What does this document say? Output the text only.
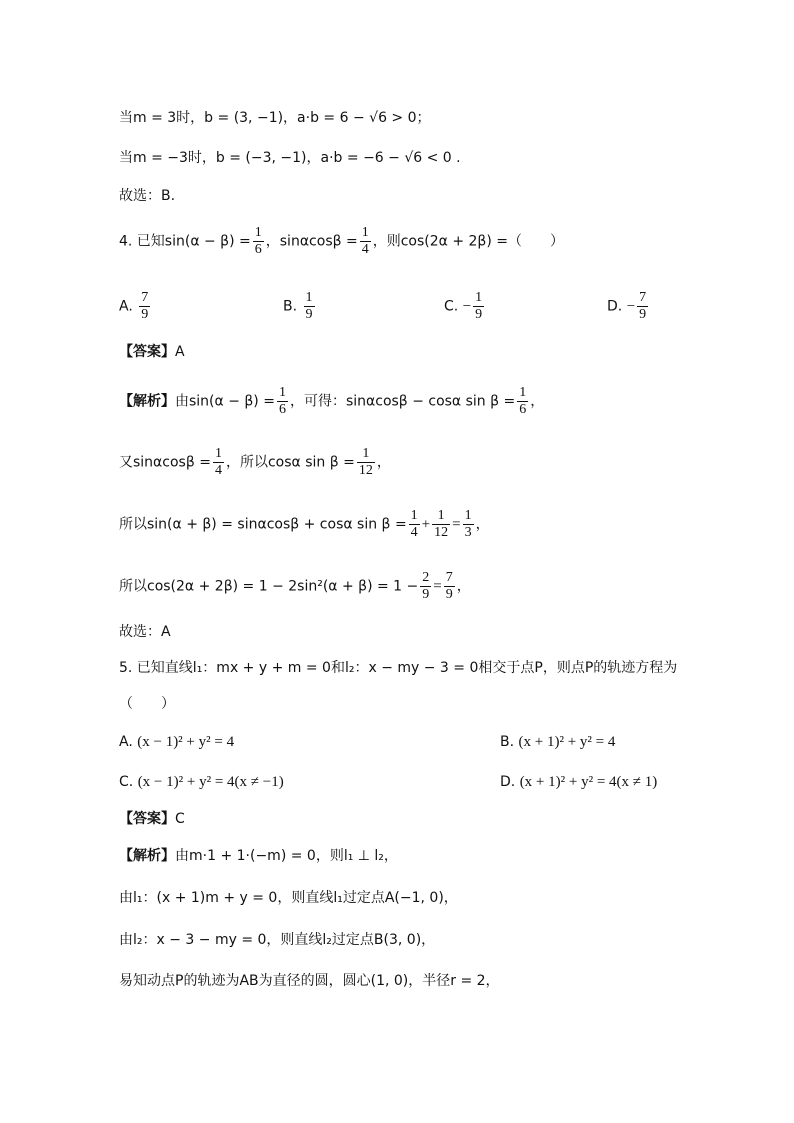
当m = 3时，b = (3, −1)，a·b = 6 − √6 > 0；
当m = −3时，b = (−3, −1)，a·b = −6 − √6 < 0 .
故选：B.
4. 已知$\sin(\alpha - \beta) = \frac{1}{6}$ ，$\sin\alpha\cos\beta = \frac{1}{4}$ ，则cos(2α + 2β) =（　　）
A. $\frac{7}{9}$	B. $\frac{1}{9}$	C. − $\frac{1}{9}$	D. − $\frac{7}{9}$
【答案】A
【解析】由$\sin(\alpha - \beta) = \frac{1}{6}$ ，可得：sinαcosβ − cosα $\sin \beta = \frac{1}{6}$ ，
又$\sin\alpha\cos\beta = \frac{1}{4}$ ，所以cosα $\sin \beta = \frac{1}{12}$ ，
所以sin(α + β) = sinαcosβ + cosα $\sin \beta = \frac{1}{4} + \frac{1}{12} = \frac{1}{3}$ ，
所以$\cos(2\alpha + 2\beta) = 1 - 2\sin^2(\alpha + \beta) = 1 - \frac{2}{9} = \frac{7}{9}$ ，
故选：A
5. 已知直线l₁：mx + y + m = 0和l₂：x − my − 3 = 0相交于点P，则点P的轨迹方程为
（　　）
A. (x − 1)² + y² = 4	B. (x + 1)² + y² = 4
C. (x − 1)² + y² = 4(x ≠ −1)	D. (x + 1)² + y² = 4(x ≠ 1)
【答案】C
【解析】由m·1 + 1·(−m) = 0，则l₁ ⊥ l₂，
由l₁：(x + 1)m + y = 0，则直线l₁过定点A(−1, 0)，
由l₂：x − 3 − my = 0，则直线l₂过定点B(3, 0)，
易知动点P的轨迹为AB为直径的圆，圆心(1, 0)，半径r = 2，
